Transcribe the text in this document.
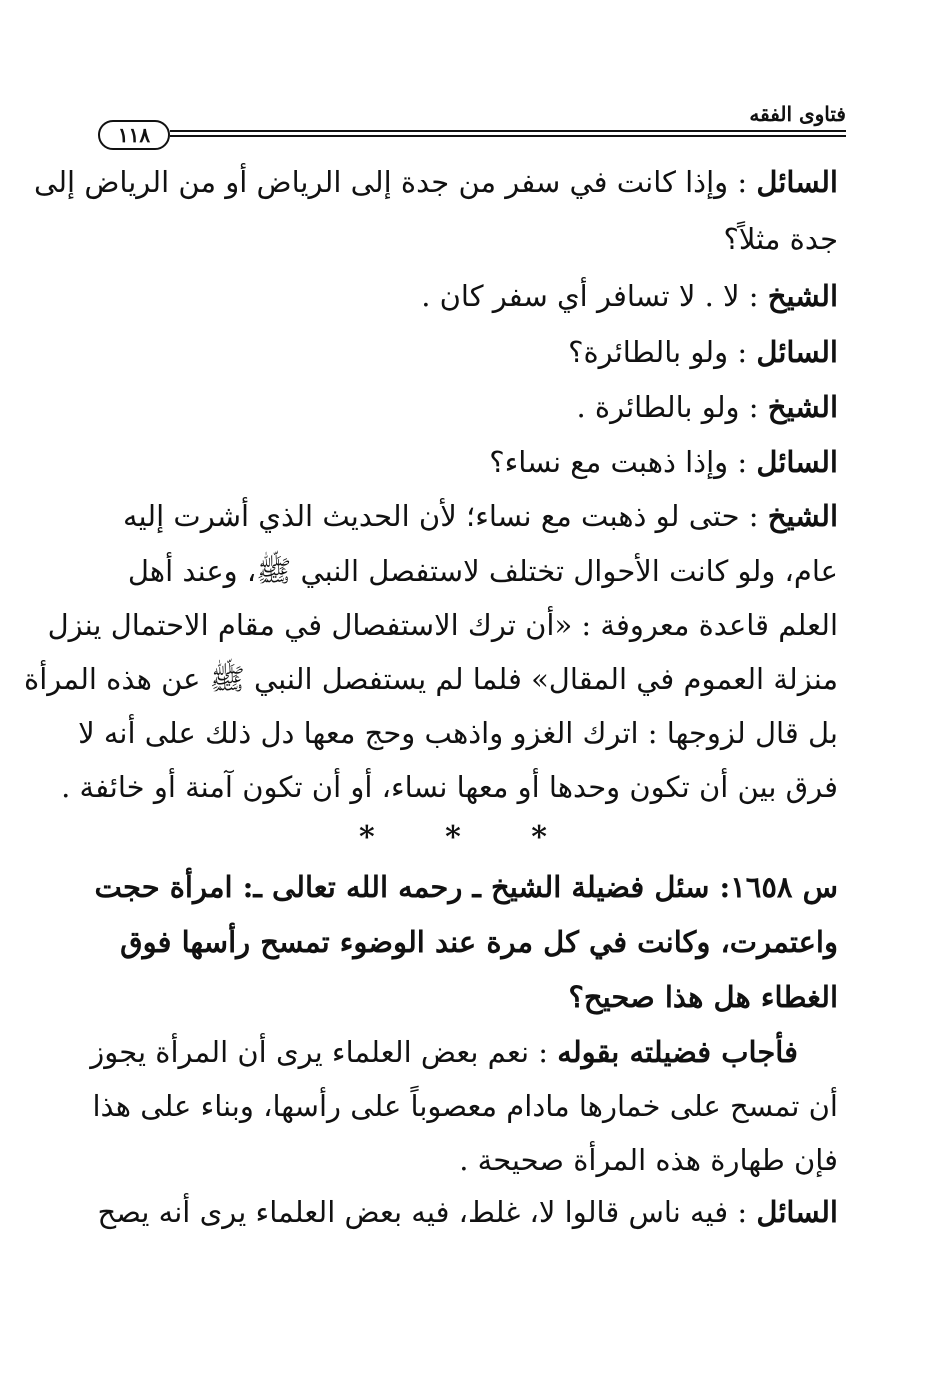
فتاوى الفقه
١١٨
السائل : وإذا كانت في سفر من جدة إلى الرياض أو من الرياض إلى
جدة مثلاً؟
الشيخ : لا . لا تسافر أي سفر كان .
السائل : ولو بالطائرة؟
الشيخ : ولو بالطائرة .
السائل : وإذا ذهبت مع نساء؟
الشيخ : حتى لو ذهبت مع نساء؛ لأن الحديث الذي أشرت إليه
عام، ولو كانت الأحوال تختلف لاستفصل النبي ﷺ، وعند أهل
العلم قاعدة معروفة : «أن ترك الاستفصال في مقام الاحتمال ينزل
منزلة العموم في المقال» فلما لم يستفصل النبي ﷺ عن هذه المرأة
بل قال لزوجها : اترك الغزو واذهب وحج معها دل ذلك على أنه لا
فرق بين أن تكون وحدها أو معها نساء، أو أن تكون آمنة أو خائفة .
* * *
س ١٦٥٨: سئل فضيلة الشيخ ـ رحمه الله تعالى ـ: امرأة حجت
واعتمرت، وكانت في كل مرة عند الوضوء تمسح رأسها فوق
الغطاء هل هذا صحيح؟
فأجاب فضيلته بقوله : نعم بعض العلماء يرى أن المرأة يجوز
أن تمسح على خمارها مادام معصوباً على رأسها، وبناء على هذا
فإن طهارة هذه المرأة صحيحة .
السائل : فيه ناس قالوا لا، غلط، فيه بعض العلماء يرى أنه يصح
